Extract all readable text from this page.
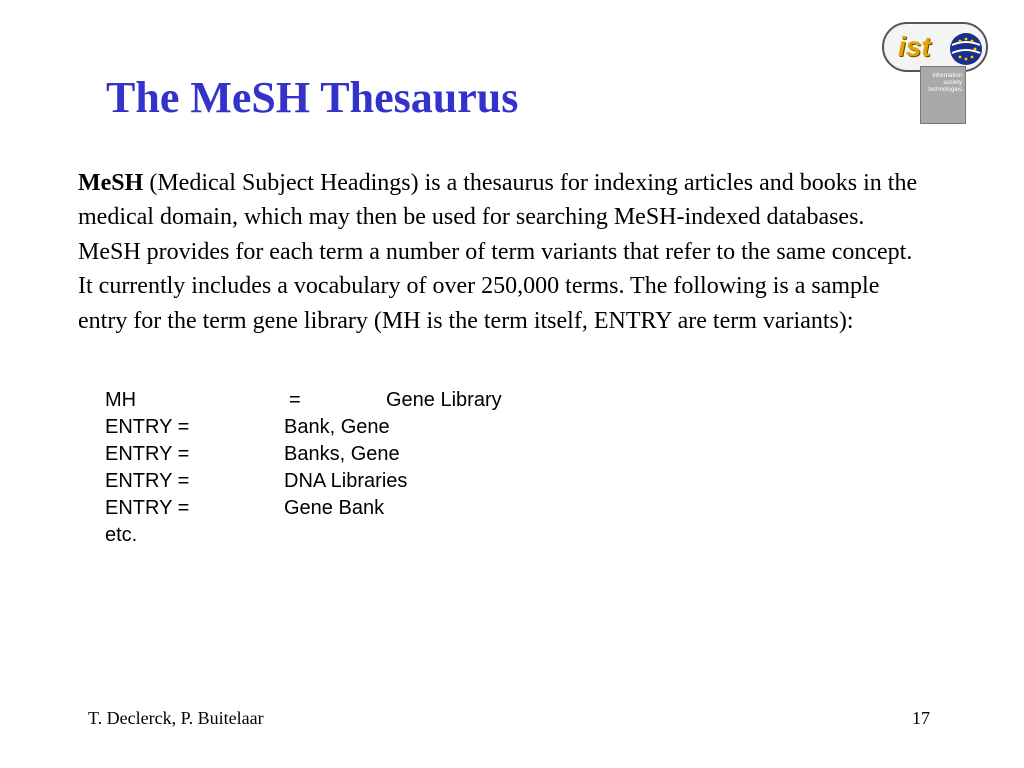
The MeSH Thesaurus
ist
information
society
technologies

MeSH (Medical Subject Headings) is a thesaurus for indexing articles and books in the medical domain, which may then be used for searching MeSH-indexed databases. MeSH provides for each term a number of term variants that refer to the same concept. It currently includes a vocabulary of over 250,000 terms. The following is a sample entry for the term gene library (MH is the term itself, ENTRY are term variants):

MH	=	Gene Library
ENTRY =	Bank, Gene
ENTRY =	Banks, Gene
ENTRY =	DNA Libraries
ENTRY =	Gene Bank
etc.
T. Declerck, P. Buitelaar	17
